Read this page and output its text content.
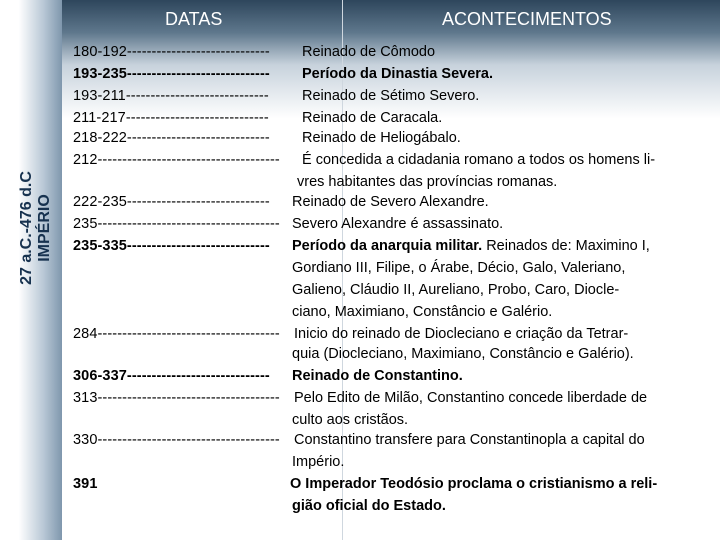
27 a.C.-476 d.C IMPÉRIO
DATAS	ACONTECIMENTOS
180-192-----------------------------	Reinado de Cômodo
193-235-----------------------------	Período da Dinastia Severa.
193-211-----------------------------	Reinado de Sétimo Severo.
211-217-----------------------------	Reinado de Caracala.
218-222-----------------------------	Reinado de Heliogábalo.
212------------------------------------- É concedida a cidadania romano a todos os homens li-
vres habitantes das províncias romanas.
222-235-----------------------------	Reinado de Severo Alexandre.
235------------------------------------- Severo Alexandre é assassinato.
235-335-----------------------------	Período da anarquia militar. Reinados de: Maximino I,
Gordiano III, Filipe, o Árabe, Décio, Galo, Valeriano,
Galieno, Cláudio II, Aureliano, Probo, Caro, Diocle-
ciano, Maximiano, Constâncio e Galério.
284------------------------------------- Inicio do reinado de Diocleciano e criação da Tetrar-
quia (Diocleciano, Maximiano, Constâncio e Galério).
306-337-----------------------------	Reinado de Constantino.
313------------------------------------- Pelo Edito de Milão, Constantino concede liberdade de
culto aos cristãos.
330------------------------------------- Constantino transfere para Constantinopla a capital do
Império.
391	O Imperador Teodósio proclama o cristianismo a reli-
gião oficial do Estado.
